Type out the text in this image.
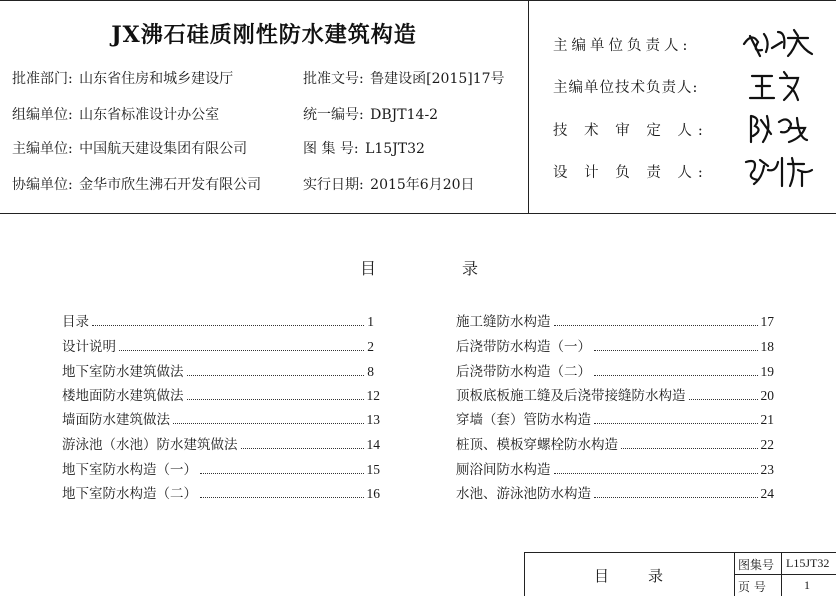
JX沸石硅质刚性防水建筑构造
批准部门: 山东省住房和城乡建设厅
组编单位: 山东省标准设计办公室
主编单位: 中国航天建设集团有限公司
协编单位: 金华市欣生沸石开发有限公司
批准文号: 鲁建设函[2015]17号
统一编号: DBJT14-2
图 集 号: L15JT32
实行日期: 2015年6月20日
主编单位负责人:
主编单位技术负责人:
技 术 审 定 人:
设 计 负 责 人:
目	录
目录	1
设计说明	2
地下室防水建筑做法	8
楼地面防水建筑做法	12
墙面防水建筑做法	13
游泳池（水池）防水建筑做法	14
地下室防水构造（一）	15
地下室防水构造（二）	16
施工缝防水构造	17
后浇带防水构造（一）	18
后浇带防水构造（二）	19
顶板底板施工缝及后浇带接缝防水构造	20
穿墙（套）管防水构造	21
桩顶、模板穿螺栓防水构造	22
厕浴间防水构造	23
水池、游泳池防水构造	24
目	录
图集号 L15JT32
页 号	1
